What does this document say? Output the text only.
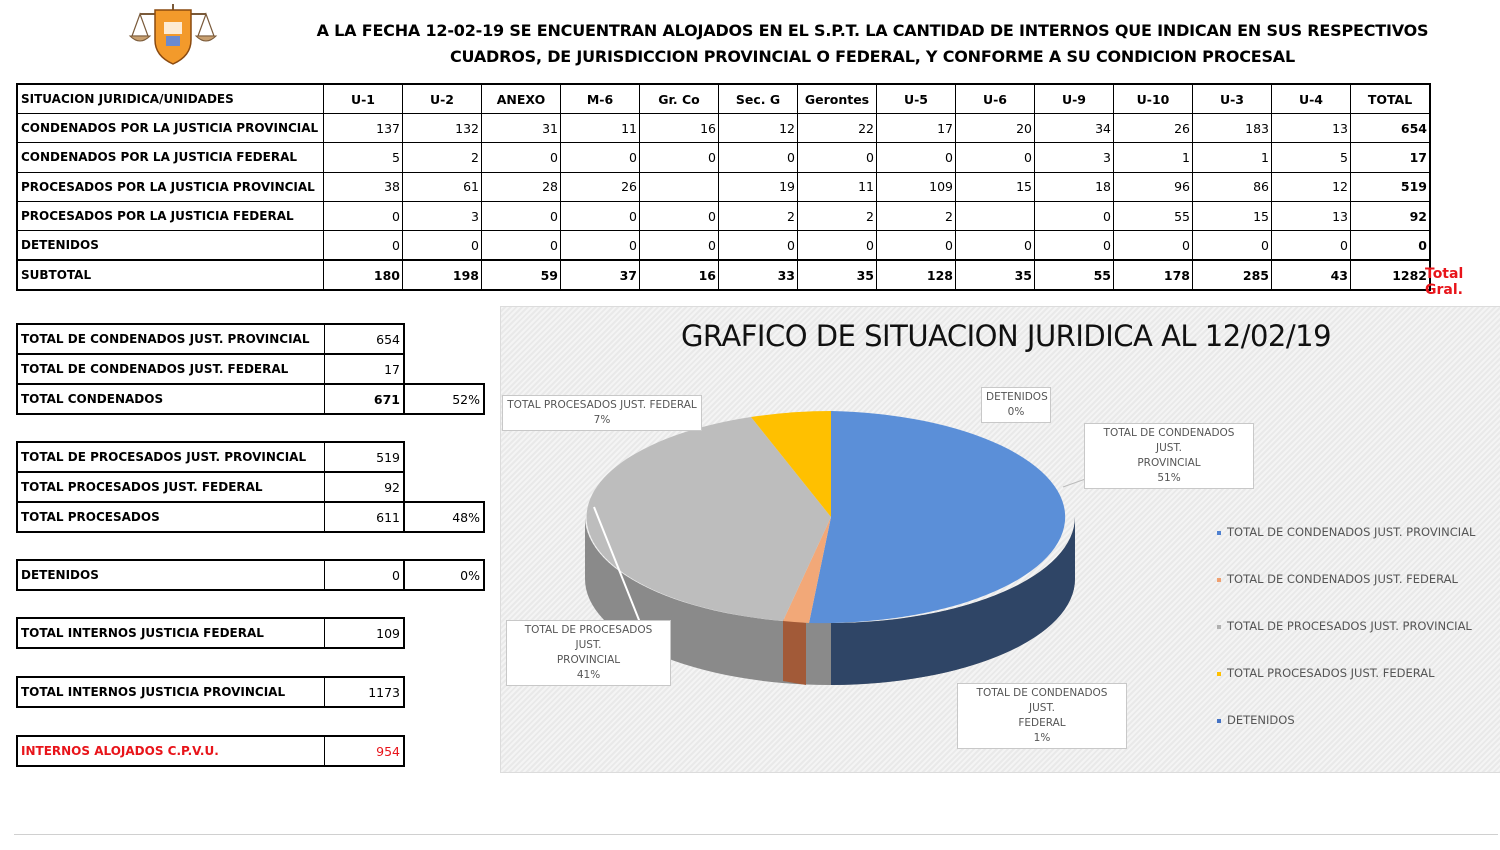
A LA FECHA 12-02-19 SE ENCUENTRAN ALOJADOS EN EL S.P.T. LA CANTIDAD DE INTERNOS QUE INDICAN EN SUS RESPECTIVOS
CUADROS, DE JURISDICCION PROVINCIAL O FEDERAL, Y CONFORME A SU CONDICION PROCESAL
SITUACION JURIDICA/UNIDADES	U-1	U-2	ANEXO	M-6	Gr. Co	Sec. G	Gerontes	U-5	U-6	U-9	U-10	U-3	U-4	TOTAL
CONDENADOS POR LA JUSTICIA PROVINCIAL	137	132	31	11	16	12	22	17	20	34	26	183	13	654
CONDENADOS POR LA JUSTICIA FEDERAL	5	2	0	0	0	0	0	0	0	3	1	1	5	17
PROCESADOS POR LA JUSTICIA PROVINCIAL	38	61	28	26		19	11	109	15	18	96	86	12	519
PROCESADOS POR LA JUSTICIA FEDERAL	0	3	0	0	0	2	2	2		0	55	15	13	92
DETENIDOS	0	0	0	0	0	0	0	0	0	0	0	0	0	0
SUBTOTAL	180	198	59	37	16	33	35	128	35	55	178	285	43	1282
Total Gral.
TOTAL DE CONDENADOS JUST. PROVINCIAL	654	
TOTAL DE CONDENADOS JUST. FEDERAL	17	
TOTAL CONDENADOS	671	52%
TOTAL DE PROCESADOS JUST. PROVINCIAL	519	
TOTAL PROCESADOS JUST. FEDERAL	92	
TOTAL PROCESADOS	611	48%
DETENIDOS	0	0%
TOTAL INTERNOS JUSTICIA FEDERAL	109
TOTAL INTERNOS JUSTICIA PROVINCIAL	1173
INTERNOS ALOJADOS C.P.V.U.	954
GRAFICO DE SITUACION JURIDICA AL 12/02/19
TOTAL PROCESADOS JUST. FEDERAL
7%
DETENIDOS
0%
TOTAL DE CONDENADOS JUST.
PROVINCIAL
51%
TOTAL DE PROCESADOS JUST.
PROVINCIAL
41%
TOTAL DE CONDENADOS JUST.
FEDERAL
1%
TOTAL DE CONDENADOS JUST. PROVINCIAL
TOTAL DE CONDENADOS JUST. FEDERAL
TOTAL DE PROCESADOS JUST. PROVINCIAL
TOTAL PROCESADOS JUST. FEDERAL
DETENIDOS
